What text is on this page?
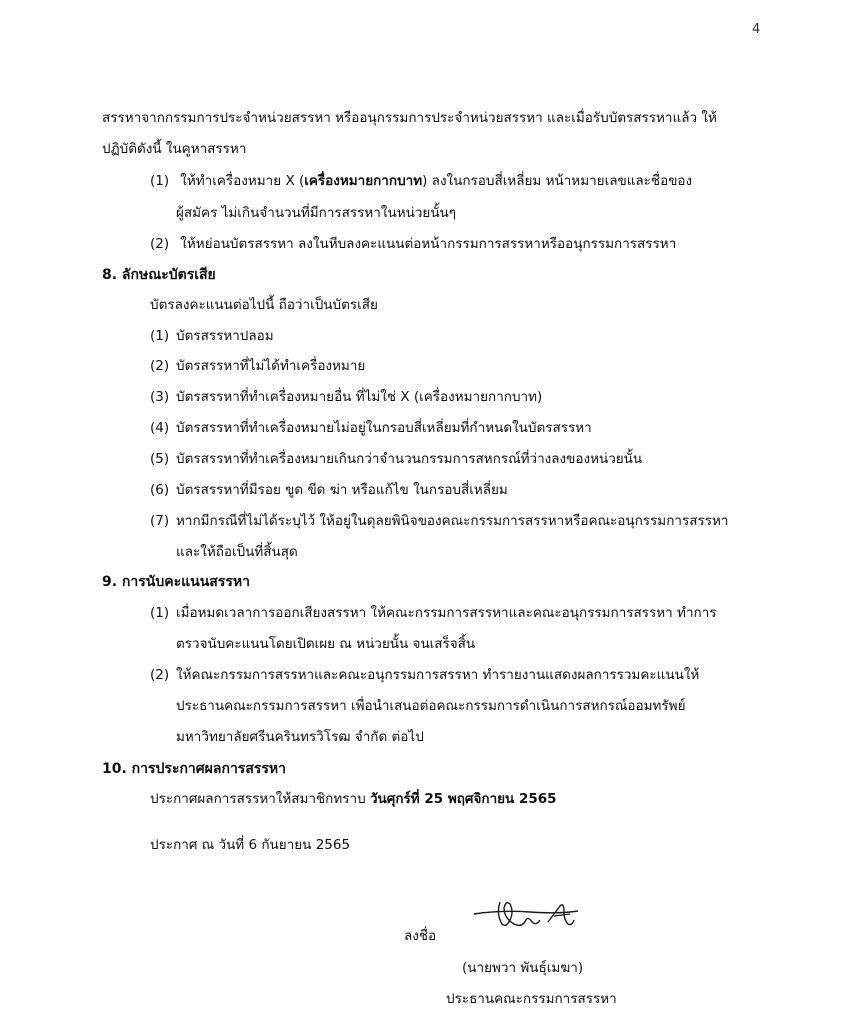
4
สรรหาจากกรรมการประจำหน่วยสรรหา หรืออนุกรรมการประจำหน่วยสรรหา และเมื่อรับบัตรสรรหาแล้ว ให้
ปฏิบัติดังนี้ ในคูหาสรรหา
(1) ให้ทำเครื่องหมาย X (เครื่องหมายกากบาท) ลงในกรอบสี่เหลี่ยม หน้าหมายเลขและชื่อของ
ผู้สมัคร ไม่เกินจำนวนที่มีการสรรหาในหน่วยนั้นๆ
(2) ให้หย่อนบัตรสรรหา ลงในหีบลงคะแนนต่อหน้ากรรมการสรรหาหรืออนุกรรมการสรรหา
8. ลักษณะบัตรเสีย
บัตรลงคะแนนต่อไปนี้ ถือว่าเป็นบัตรเสีย
(1) บัตรสรรหาปลอม
(2) บัตรสรรหาที่ไม่ได้ทำเครื่องหมาย
(3) บัตรสรรหาที่ทำเครื่องหมายอื่น ที่ไม่ใช่ X (เครื่องหมายกากบาท)
(4) บัตรสรรหาที่ทำเครื่องหมายไม่อยู่ในกรอบสี่เหลี่ยมที่กำหนดในบัตรสรรหา
(5) บัตรสรรหาที่ทำเครื่องหมายเกินกว่าจำนวนกรรมการสหกรณ์ที่ว่างลงของหน่วยนั้น
(6) บัตรสรรหาที่มีรอย ขูด ขีด ฆ่า หรือแก้ไข ในกรอบสี่เหลี่ยม
(7) หากมีกรณีที่ไม่ได้ระบุไว้ ให้อยู่ในดุลยพินิจของคณะกรรมการสรรหาหรือคณะอนุกรรมการสรรหา
และให้ถือเป็นที่สิ้นสุด
9. การนับคะแนนสรรหา
(1) เมื่อหมดเวลาการออกเสียงสรรหา ให้คณะกรรมการสรรหาและคณะอนุกรรมการสรรหา ทำการ
ตรวจนับคะแนนโดยเปิดเผย ณ หน่วยนั้น จนเสร็จสิ้น
(2) ให้คณะกรรมการสรรหาและคณะอนุกรรมการสรรหา ทำรายงานแสดงผลการรวมคะแนนให้
ประธานคณะกรรมการสรรหา เพื่อนำเสนอต่อคณะกรรมการดำเนินการสหกรณ์ออมทรัพย์
มหาวิทยาลัยศรีนครินทรวิโรฒ จำกัด ต่อไป
10. การประกาศผลการสรรหา
ประกาศผลการสรรหาให้สมาชิกทราบ วันศุกร์ที่ 25 พฤศจิกายน 2565
ประกาศ ณ วันที่ 6 กันยายน 2565
ลงชื่อ
(นายพวา พันธุ์เมฆา)
ประธานคณะกรรมการสรรหา
